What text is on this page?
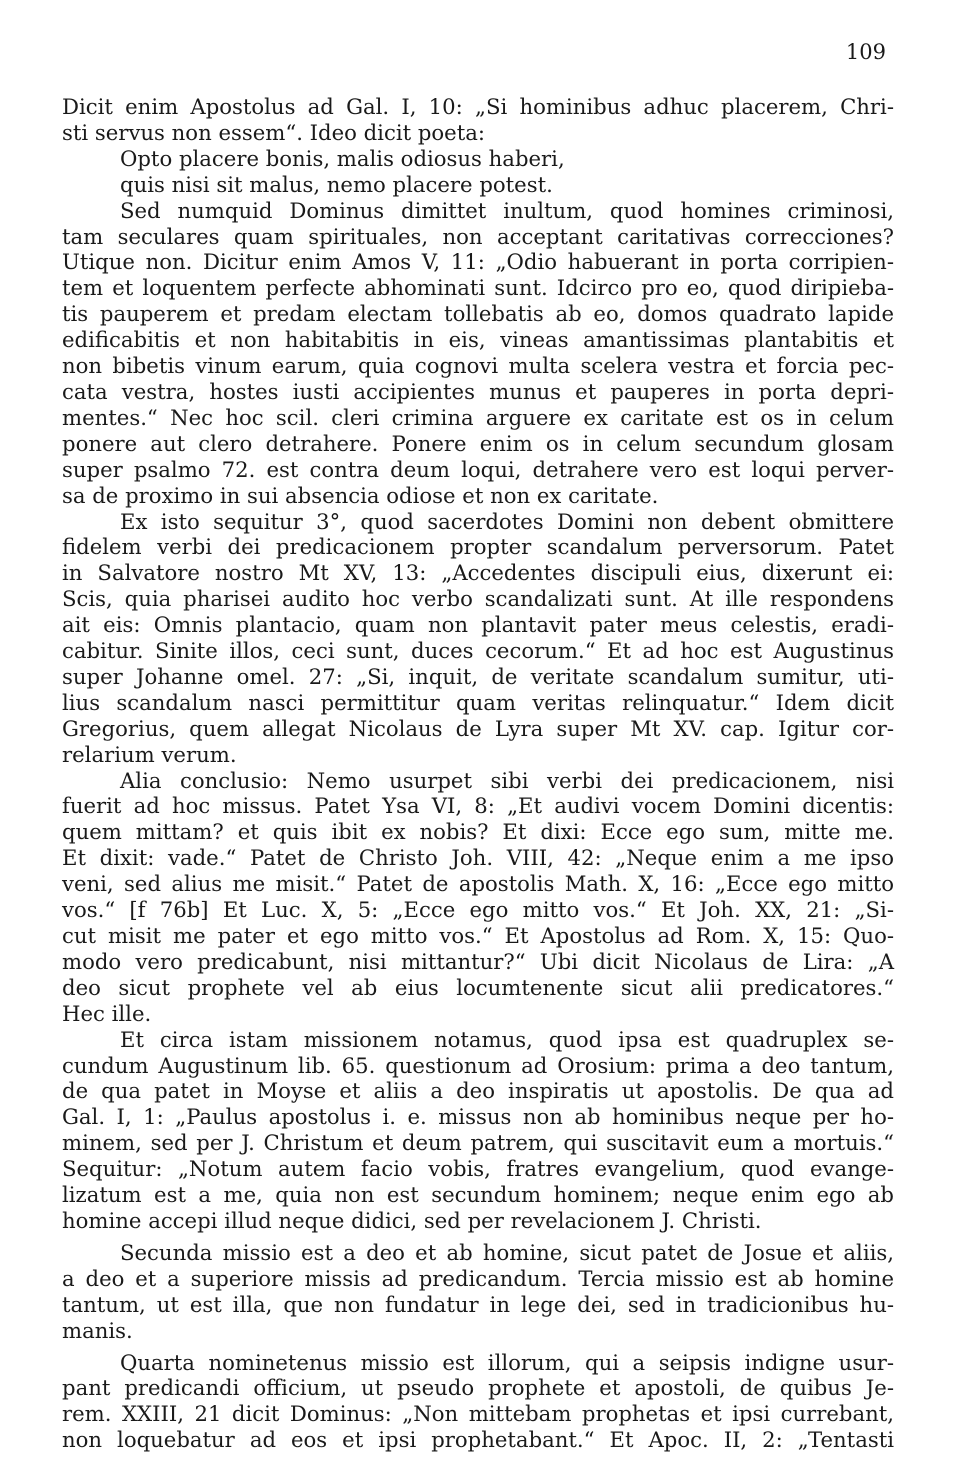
109
Dicit enim Apostolus ad Gal. I, 10: „Si hominibus adhuc placerem, Chri-
sti servus non essem“. Ideo dicit poeta:
Opto placere bonis, malis odiosus haberi,
quis nisi sit malus, nemo placere potest.
Sed numquid Dominus dimittet inultum, quod homines criminosi,
tam seculares quam spirituales, non acceptant caritativas correcciones?
Utique non. Dicitur enim Amos V, 11: „Odio habuerant in porta corripien-
tem et loquentem perfecte abhominati sunt. Idcirco pro eo, quod diripieba-
tis pauperem et predam electam tollebatis ab eo, domos quadrato lapide
edificabitis et non habitabitis in eis, vineas amantissimas plantabitis et
non bibetis vinum earum, quia cognovi multa scelera vestra et forcia pec-
cata vestra, hostes iusti accipientes munus et pauperes in porta depri-
mentes.“ Nec hoc scil. cleri crimina arguere ex caritate est os in celum
ponere aut clero detrahere. Ponere enim os in celum secundum glosam
super psalmo 72. est contra deum loqui, detrahere vero est loqui perver-
sa de proximo in sui absencia odiose et non ex caritate.
Ex isto sequitur 3°, quod sacerdotes Domini non debent obmittere
fidelem verbi dei predicacionem propter scandalum perversorum. Patet
in Salvatore nostro Mt XV, 13: „Accedentes discipuli eius, dixerunt ei:
Scis, quia pharisei audito hoc verbo scandalizati sunt. At ille respondens
ait eis: Omnis plantacio, quam non plantavit pater meus celestis, eradi-
cabitur. Sinite illos, ceci sunt, duces cecorum.“ Et ad hoc est Augustinus
super Johanne omel. 27: „Si, inquit, de veritate scandalum sumitur, uti-
lius scandalum nasci permittitur quam veritas relinquatur.“ Idem dicit
Gregorius, quem allegat Nicolaus de Lyra super Mt XV. cap. Igitur cor-
relarium verum.
Alia conclusio: Nemo usurpet sibi verbi dei predicacionem, nisi
fuerit ad hoc missus. Patet Ysa VI, 8: „Et audivi vocem Domini dicentis:
quem mittam? et quis ibit ex nobis? Et dixi: Ecce ego sum, mitte me.
Et dixit: vade.“ Patet de Christo Joh. VIII, 42: „Neque enim a me ipso
veni, sed alius me misit.“ Patet de apostolis Math. X, 16: „Ecce ego mitto
vos.“ [f 76b] Et Luc. X, 5: „Ecce ego mitto vos.“ Et Joh. XX, 21: „Si-
cut misit me pater et ego mitto vos.“ Et Apostolus ad Rom. X, 15: Quo-
modo vero predicabunt, nisi mittantur?“ Ubi dicit Nicolaus de Lira: „A
deo sicut prophete vel ab eius locumtenente sicut alii predicatores.“
Hec ille.
Et circa istam missionem notamus, quod ipsa est quadruplex se-
cundum Augustinum lib. 65. questionum ad Orosium: prima a deo tantum,
de qua patet in Moyse et aliis a deo inspiratis ut apostolis. De qua ad
Gal. I, 1: „Paulus apostolus i. e. missus non ab hominibus neque per ho-
minem, sed per J. Christum et deum patrem, qui suscitavit eum a mortuis.“
Sequitur: „Notum autem facio vobis, fratres evangelium, quod evange-
lizatum est a me, quia non est secundum hominem; neque enim ego ab
homine accepi illud neque didici, sed per revelacionem J. Christi.
Secunda missio est a deo et ab homine, sicut patet de Josue et aliis,
a deo et a superiore missis ad predicandum. Tercia missio est ab homine
tantum, ut est illa, que non fundatur in lege dei, sed in tradicionibus hu-
manis.
Quarta nominetenus missio est illorum, qui a seipsis indigne usur-
pant predicandi officium, ut pseudo prophete et apostoli, de quibus Je-
rem. XXIII, 21 dicit Dominus: „Non mittebam prophetas et ipsi currebant,
non loquebatur ad eos et ipsi prophetabant.“ Et Apoc. II, 2: „Tentasti
